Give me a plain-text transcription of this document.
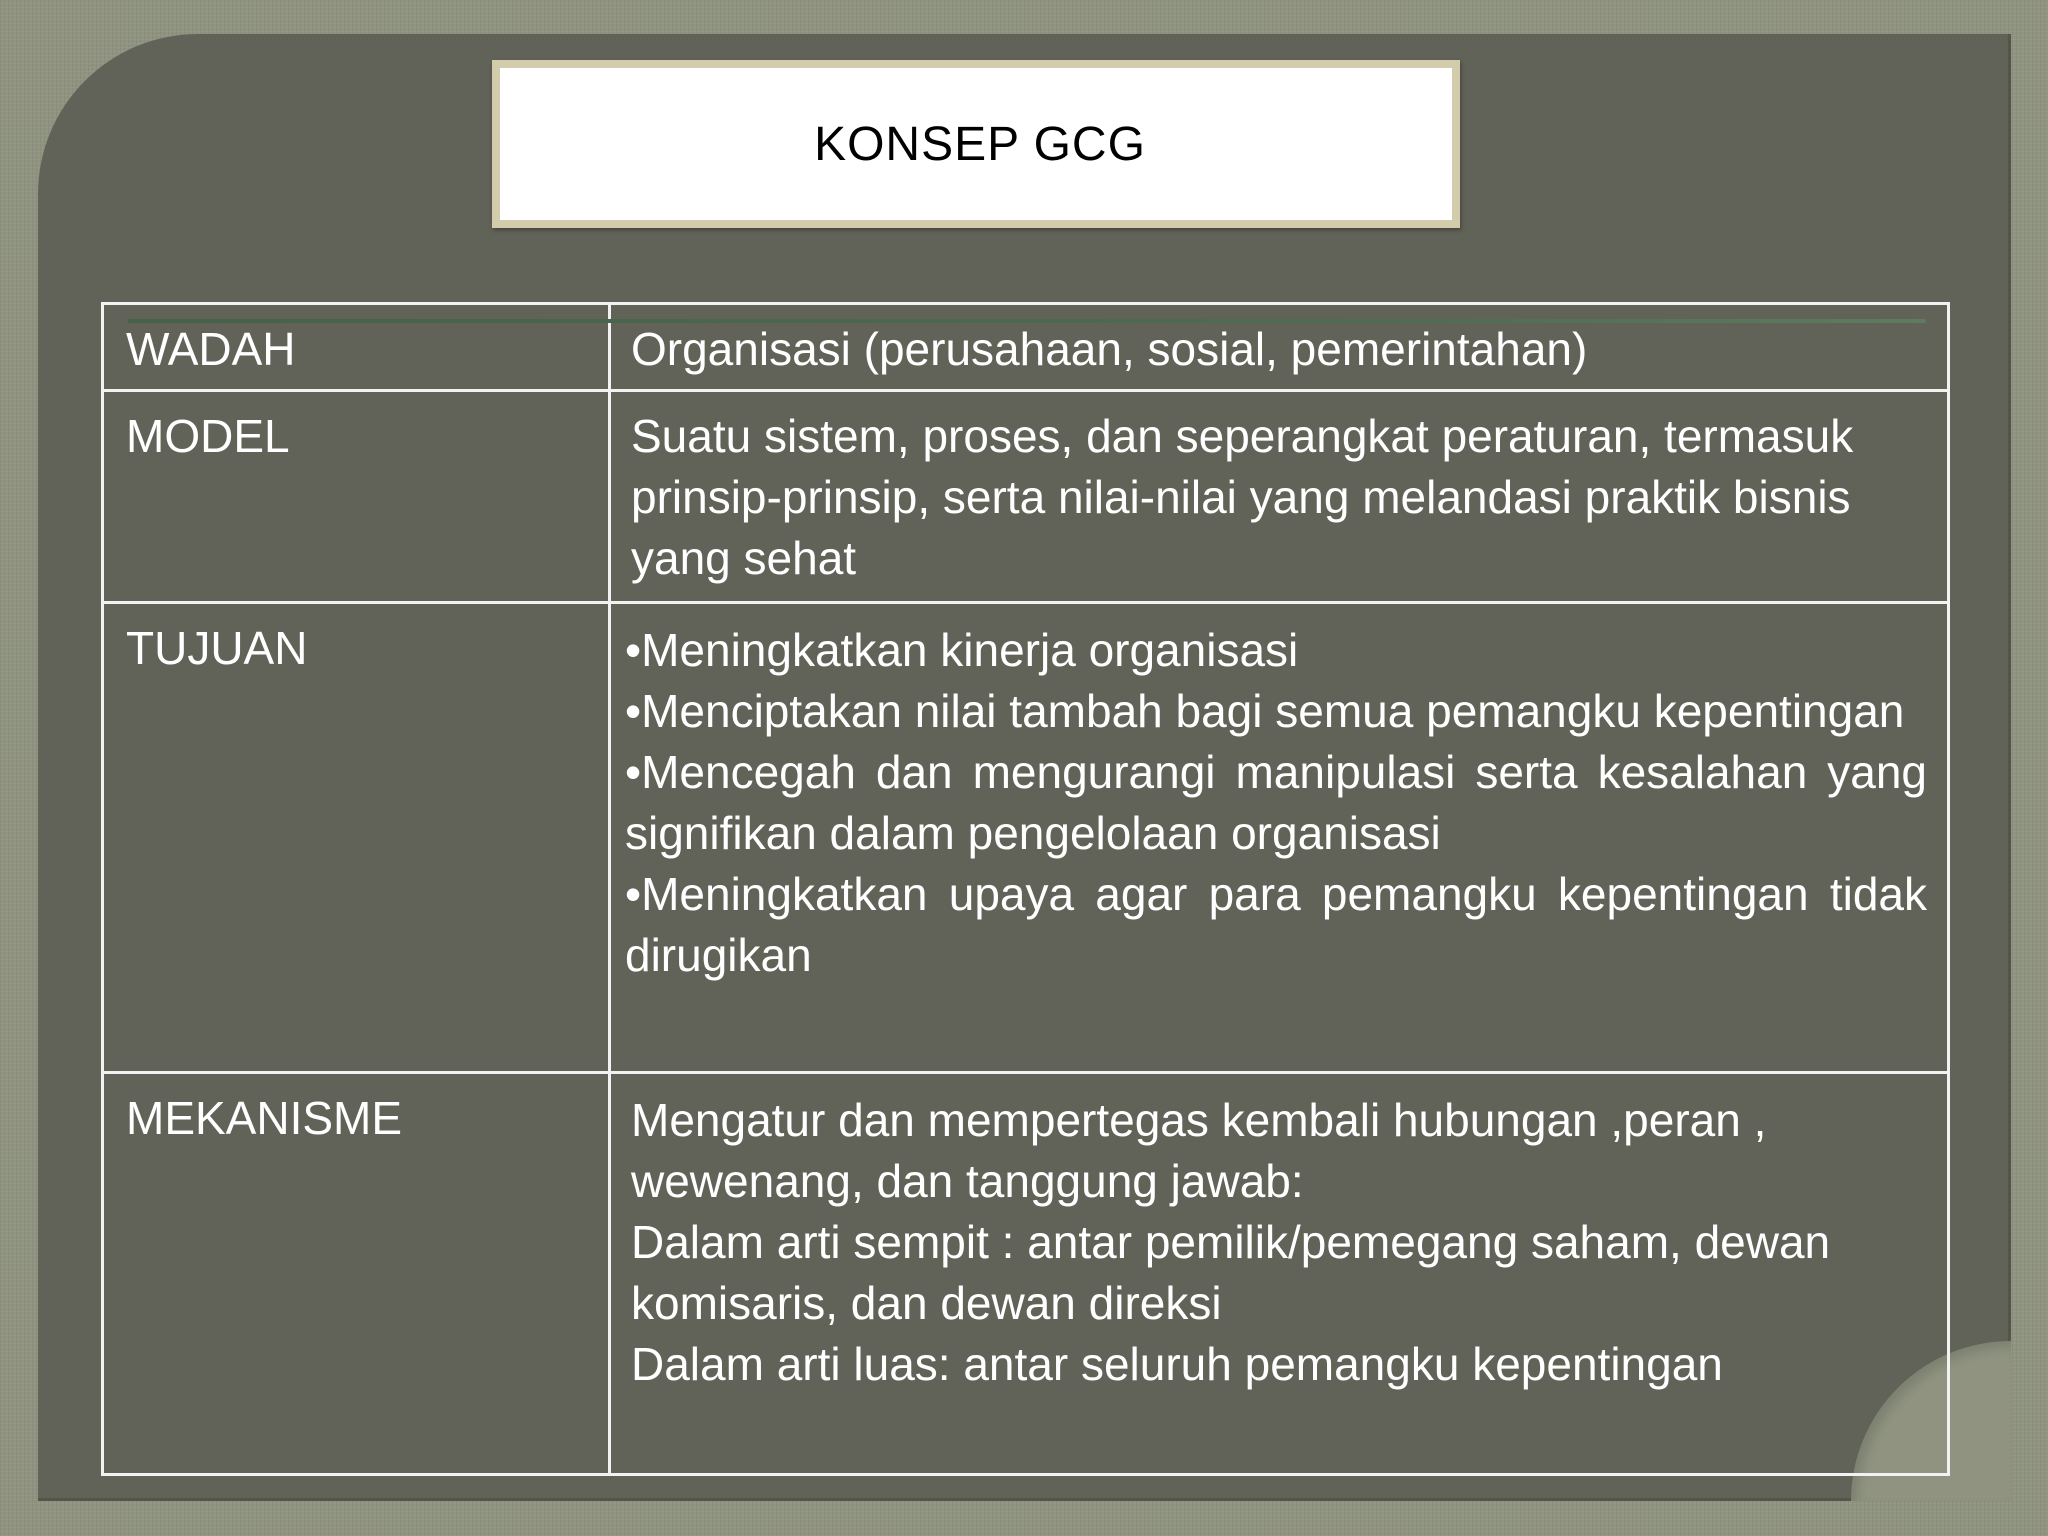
KONSEP GCG
WADAH	Organisasi (perusahaan, sosial, pemerintahan)
MODEL	Suatu sistem, proses, dan seperangkat peraturan, termasuk prinsip-prinsip, serta nilai-nilai yang melandasi praktik bisnis yang sehat
TUJUAN	•Meningkatkan kinerja organisasi
•Menciptakan nilai tambah bagi semua pemangku kepentingan
•Mencegah dan mengurangi manipulasi serta kesalahan yang signifikan dalam pengelolaan organisasi
•Meningkatkan upaya agar para pemangku kepentingan tidak dirugikan

MEKANISME	Mengatur dan mempertegas kembali hubungan ,peran , wewenang, dan tanggung jawab:
Dalam arti sempit : antar pemilik/pemegang saham, dewan komisaris, dan dewan direksi
Dalam arti luas: antar seluruh pemangku kepentingan
